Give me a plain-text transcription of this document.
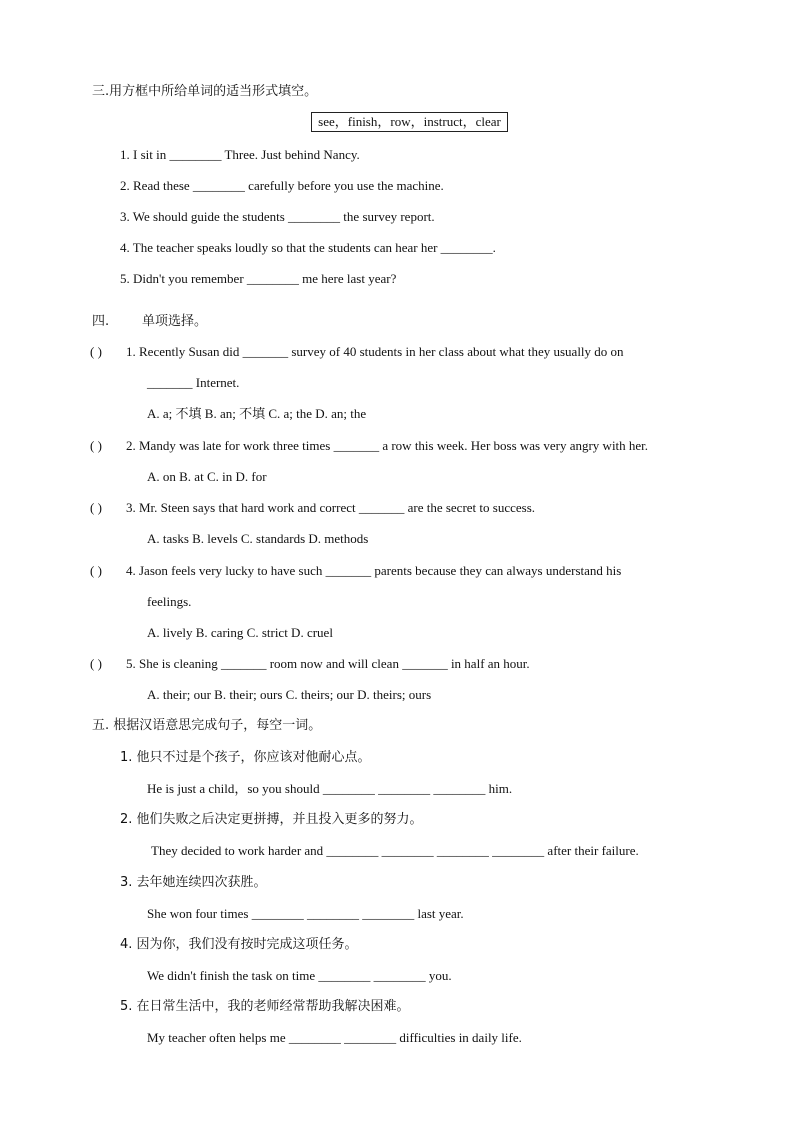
三.用方框中所给单词的适当形式填空。
see，finish，row，instruct，clear
1. I sit in ________ Three. Just behind Nancy.
2. Read these ________ carefully before you use the machine.
3. We should guide the students ________ the survey report.
4. The teacher speaks loudly so that the students can hear her ________.
5. Didn't you remember ________ me here last year?
四.	单项选择。
( ) 1. Recently Susan did _______ survey of 40 students in her class about what they usually do on
_______ Internet.
A. a; 不填 B. an; 不填 C. a; the D. an; the
( ) 2. Mandy was late for work three times _______ a row this week. Her boss was very angry with her.
A. on B. at C. in D. for
( ) 3. Mr. Steen says that hard work and correct _______ are the secret to success.
A. tasks B. levels C. standards D. methods
( ) 4. Jason feels very lucky to have such _______ parents because they can always understand his
feelings.
A. lively B. caring C. strict D. cruel
( ) 5. She is cleaning _______ room now and will clean _______ in half an hour.
A. their; our B. their; ours C. theirs; our D. theirs; ours
五. 根据汉语意思完成句子，每空一词。
1. 他只不过是个孩子，你应该对他耐心点。
He is just a child，so you should ________ ________ ________ him.
2. 他们失败之后决定更拼搏，并且投入更多的努力。
They decided to work harder and ________ ________ ________ ________ after their failure.
3. 去年她连续四次获胜。
She won four times ________ ________ ________ last year.
4. 因为你，我们没有按时完成这项任务。
We didn't finish the task on time ________ ________ you.
5. 在日常生活中，我的老师经常帮助我解决困难。
My teacher often helps me ________ ________ difficulties in daily life.
